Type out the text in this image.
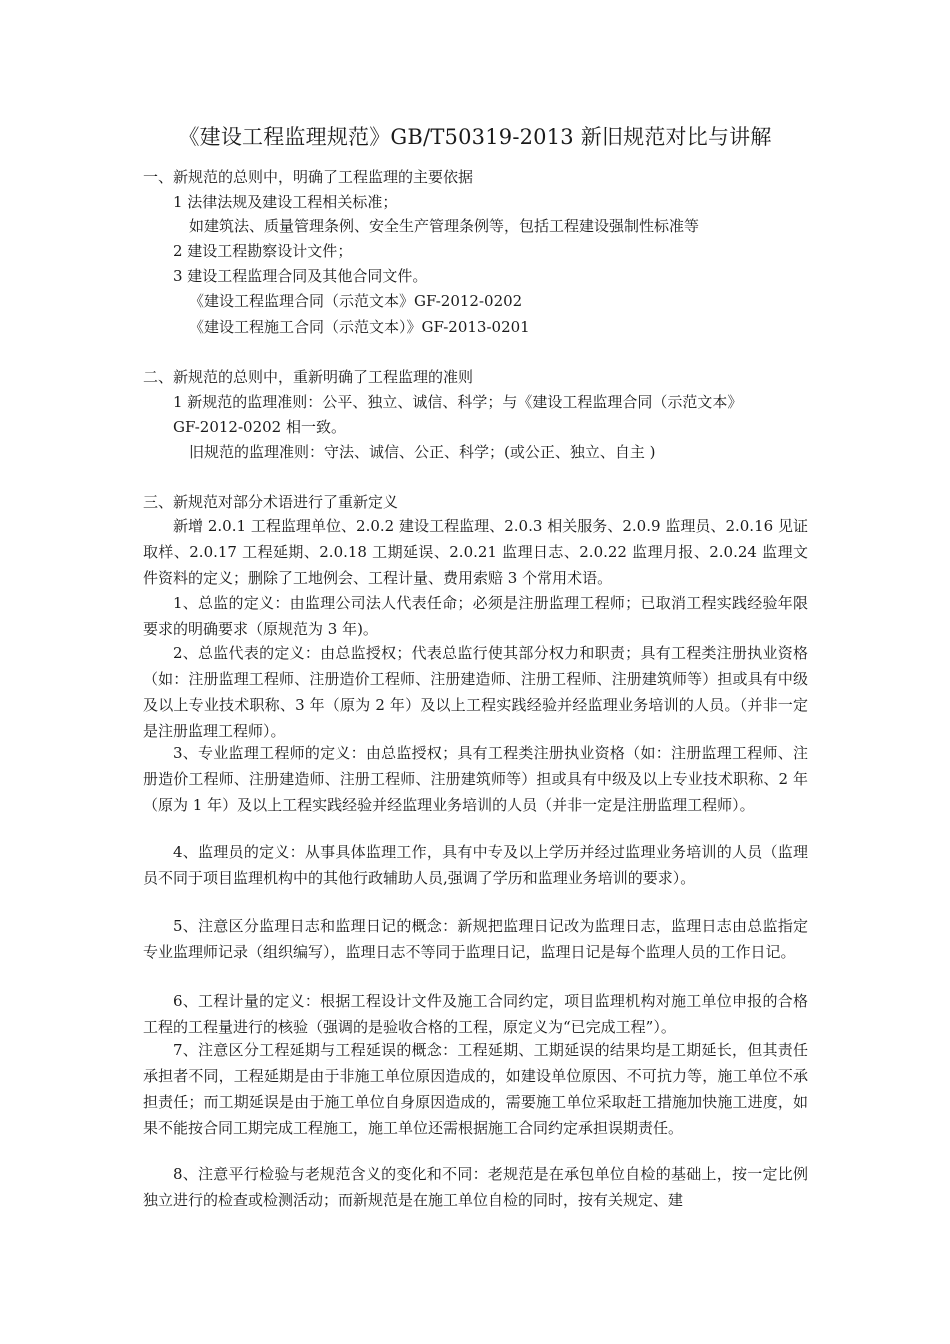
《建设工程监理规范》GB/T50319-2013 新旧规范对比与讲解
一、新规范的总则中，明确了工程监理的主要依据
1 法律法规及建设工程相关标准；
如建筑法、质量管理条例、安全生产管理条例等，包括工程建设强制性标准等
2 建设工程勘察设计文件；
3 建设工程监理合同及其他合同文件。
《建设工程监理合同（示范文本》GF-2012-0202
《建设工程施工合同（示范文本）》GF-2013-0201
二、新规范的总则中，重新明确了工程监理的准则
1 新规范的监理准则：公平、独立、诚信、科学；与《建设工程监理合同（示范文本》
GF-2012-0202 相一致。
旧规范的监理准则：守法、诚信、公正、科学；(或公正、独立、自主 )
三、新规范对部分术语进行了重新定义
新增 2.0.1 工程监理单位、2.0.2 建设工程监理、2.0.3 相关服务、2.0.9 监理员、2.0.16 见证取样、2.0.17 工程延期、2.0.18 工期延误、2.0.21 监理日志、2.0.22 监理月报、2.0.24 监理文件资料的定义；删除了工地例会、工程计量、费用索赔 3 个常用术语。
1、总监的定义：由监理公司法人代表任命；必须是注册监理工程师；已取消工程实践经验年限要求的明确要求（原规范为 3 年)。
2、总监代表的定义：由总监授权；代表总监行使其部分权力和职责；具有工程类注册执业资格（如：注册监理工程师、注册造价工程师、注册建造师、注册工程师、注册建筑师等）担或具有中级及以上专业技术职称、3 年（原为 2 年）及以上工程实践经验并经监理业务培训的人员。（并非一定是注册监理工程师）。
3、专业监理工程师的定义：由总监授权；具有工程类注册执业资格（如：注册监理工程师、注册造价工程师、注册建造师、注册工程师、注册建筑师等）担或具有中级及以上专业技术职称、2 年（原为 1 年）及以上工程实践经验并经监理业务培训的人员（并非一定是注册监理工程师）。
4、监理员的定义：从事具体监理工作，具有中专及以上学历并经过监理业务培训的人员（监理员不同于项目监理机构中的其他行政辅助人员,强调了学历和监理业务培训的要求）。
5、注意区分监理日志和监理日记的概念：新规把监理日记改为监理日志，监理日志由总监指定专业监理师记录（组织编写），监理日志不等同于监理日记，监理日记是每个监理人员的工作日记。
6、工程计量的定义：根据工程设计文件及施工合同约定，项目监理机构对施工单位申报的合格工程的工程量进行的核验（强调的是验收合格的工程，原定义为“已完成工程”）。
7、注意区分工程延期与工程延误的概念：工程延期、工期延误的结果均是工期延长，但其责任承担者不同，工程延期是由于非施工单位原因造成的，如建设单位原因、不可抗力等，施工单位不承担责任；而工期延误是由于施工单位自身原因造成的，需要施工单位采取赶工措施加快施工进度，如果不能按合同工期完成工程施工，施工单位还需根据施工合同约定承担误期责任。
8、注意平行检验与老规范含义的变化和不同：老规范是在承包单位自检的基础上，按一定比例独立进行的检查或检测活动；而新规范是在施工单位自检的同时，按有关规定、建
